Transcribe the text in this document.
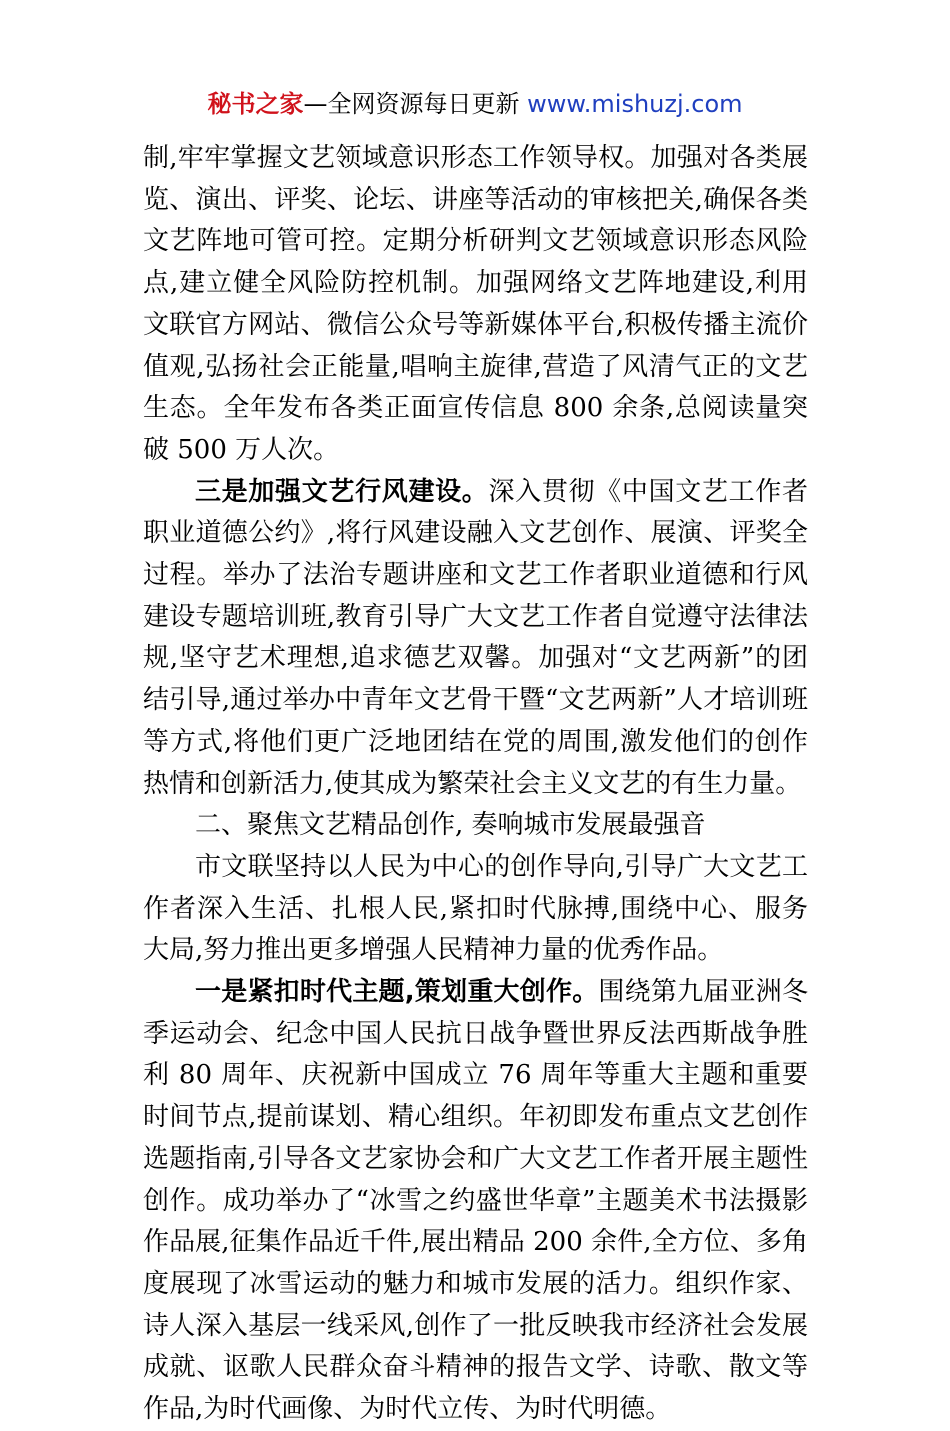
秘书之家—全网资源每日更新 www.mishuzj.com

制,牢牢掌握文艺领域意识形态工作领导权。加强对各类展览、演出、评奖、论坛、讲座等活动的审核把关,确保各类文艺阵地可管可控。定期分析研判文艺领域意识形态风险点,建立健全风险防控机制。加强网络文艺阵地建设,利用文联官方网站、微信公众号等新媒体平台,积极传播主流价值观,弘扬社会正能量,唱响主旋律,营造了风清气正的文艺生态。全年发布各类正面宣传信息 800 余条,总阅读量突破 500 万人次。

三是加强文艺行风建设。深入贯彻《中国文艺工作者职业道德公约》,将行风建设融入文艺创作、展演、评奖全过程。举办了法治专题讲座和文艺工作者职业道德和行风建设专题培训班,教育引导广大文艺工作者自觉遵守法律法规,坚守艺术理想,追求德艺双馨。加强对“文艺两新”的团结引导,通过举办中青年文艺骨干暨“文艺两新”人才培训班等方式,将他们更广泛地团结在党的周围,激发他们的创作热情和创新活力,使其成为繁荣社会主义文艺的有生力量。

二、聚焦文艺精品创作, 奏响城市发展最强音

市文联坚持以人民为中心的创作导向,引导广大文艺工作者深入生活、扎根人民,紧扣时代脉搏,围绕中心、服务大局,努力推出更多增强人民精神力量的优秀作品。

一是紧扣时代主题,策划重大创作。围绕第九届亚洲冬季运动会、纪念中国人民抗日战争暨世界反法西斯战争胜利 80 周年、庆祝新中国成立 76 周年等重大主题和重要时间节点,提前谋划、精心组织。年初即发布重点文艺创作选题指南,引导各文艺家协会和广大文艺工作者开展主题性创作。成功举办了“冰雪之约盛世华章”主题美术书法摄影作品展,征集作品近千件,展出精品 200 余件,全方位、多角度展现了冰雪运动的魅力和城市发展的活力。组织作家、诗人深入基层一线采风,创作了一批反映我市经济社会发展成就、讴歌人民群众奋斗精神的报告文学、诗歌、散文等作品,为时代画像、为时代立传、为时代明德。
